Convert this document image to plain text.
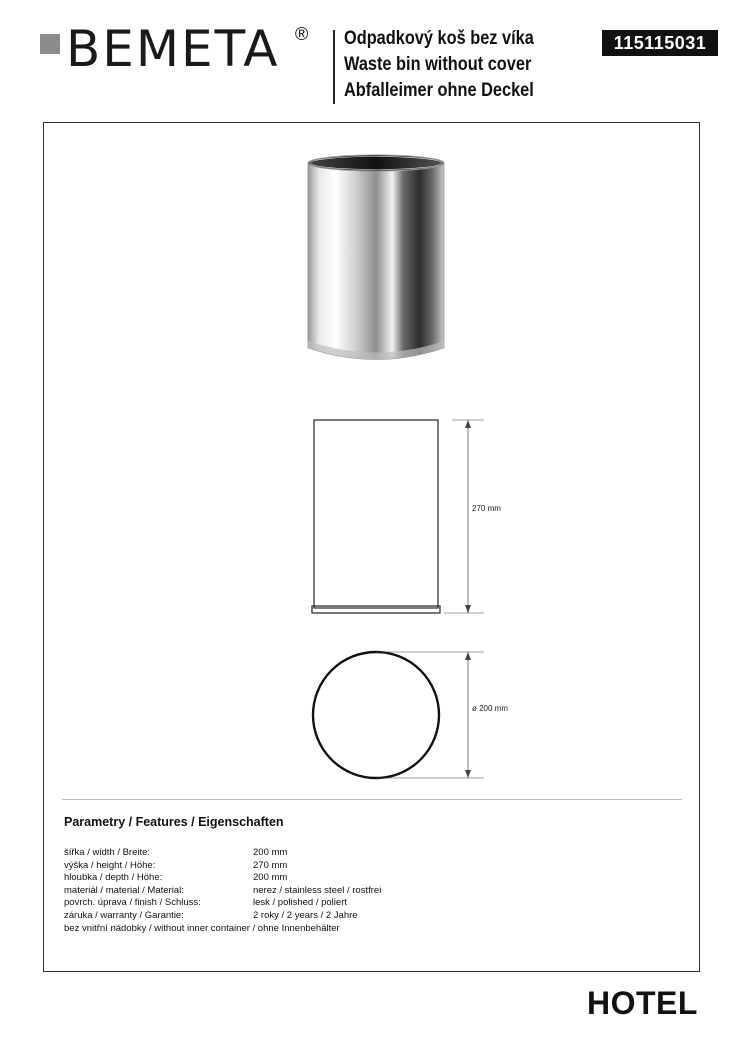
BEMETA ® Odpadkový koš bez víka
Waste bin without cover
Abfalleimer ohne Deckel
115115031
270 mm
ø 200 mm
Parametry / Features / Eigenschaften
šířka / width / Breite:	200 mm
výška / height / Höhe:	270 mm
hloubka / depth / Höhe:	200 mm
materiál / material / Material:	nerez / stainless steel / rostfrei
povrch. úprava / finish / Schluss:	lesk / polished / poliert
záruka / warranty / Garantie:	2 roky / 2 years / 2 Jahre
bez vnitřní nádobky / without inner container / ohne Innenbehälter
HOTEL
